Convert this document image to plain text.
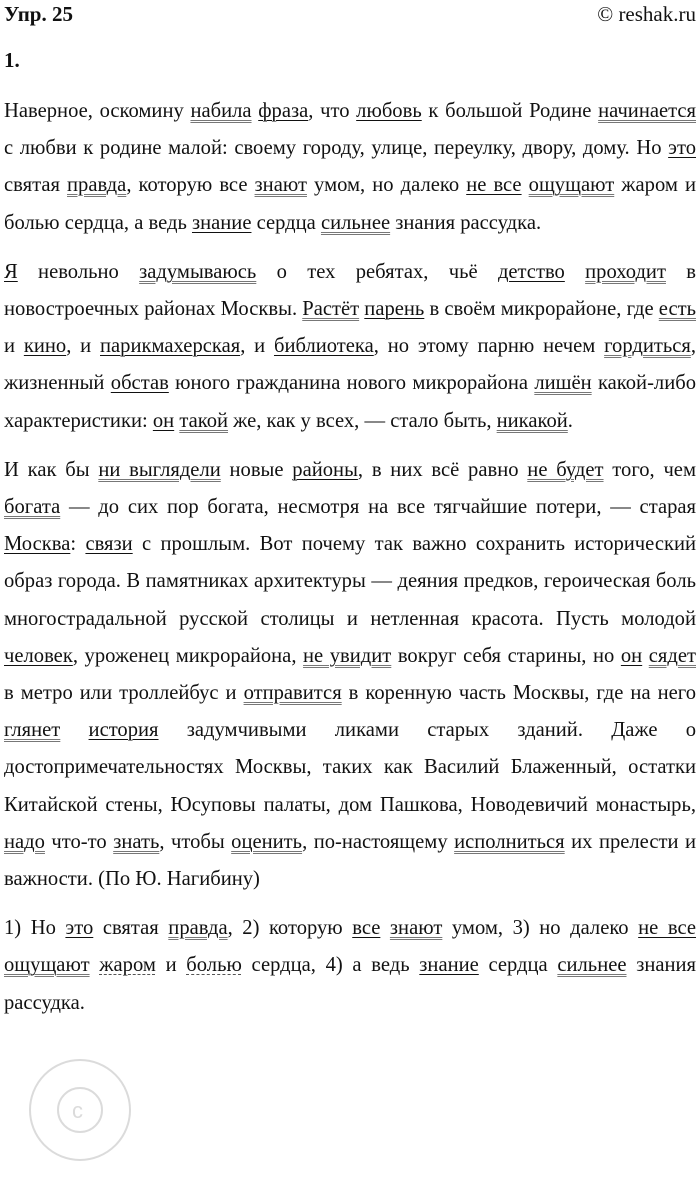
Упр. 25	© reshak.ru
1.

Наверное, оскомину набила фраза, что любовь к большой Родине начинается с любви к родине малой: своему городу, улице, переулку, двору, дому. Но это святая правда, которую все знают умом, но далеко не все ощущают жаром и болью сердца, а ведь знание сердца сильнее знания рассудка.

Я невольно задумываюсь о тех ребятах, чьё детство проходит в новостроечных районах Москвы. Растёт парень в своём микрорайоне, где есть и кино, и парикмахерская, и библиотека, но этому парню нечем гордиться, жизненный обстав юного гражданина нового микрорайона лишён какой-либо характеристики: он такой же, как у всех, — стало быть, никакой.

И как бы ни выглядели новые районы, в них всё равно не будет того, чем богата — до сих пор богата, несмотря на все тягчайшие потери, — старая Москва: связи с прошлым. Вот почему так важно сохранить исторический образ города. В памятниках архитектуры — деяния предков, героическая боль многострадальной русской столицы и нетленная красота. Пусть молодой человек, уроженец микрорайона, не увидит вокруг себя старины, но он сядет в метро или троллейбус и отправится в коренную часть Москвы, где на него глянет история задумчивыми ликами старых зданий. Даже о достопримечательностях Москвы, таких как Василий Блаженный, остатки Китайской стены, Юсуповы палаты, дом Пашкова, Новодевичий монастырь, надо что-то знать, чтобы оценить, по-настоящему исполниться их прелести и важности. (По Ю. Нагибину)

1) Но это святая правда, 2) которую все знают умом, 3) но далеко не все ощущают жаром и болью сердца, 4) а ведь знание сердца сильнее знания рассудка.

c
